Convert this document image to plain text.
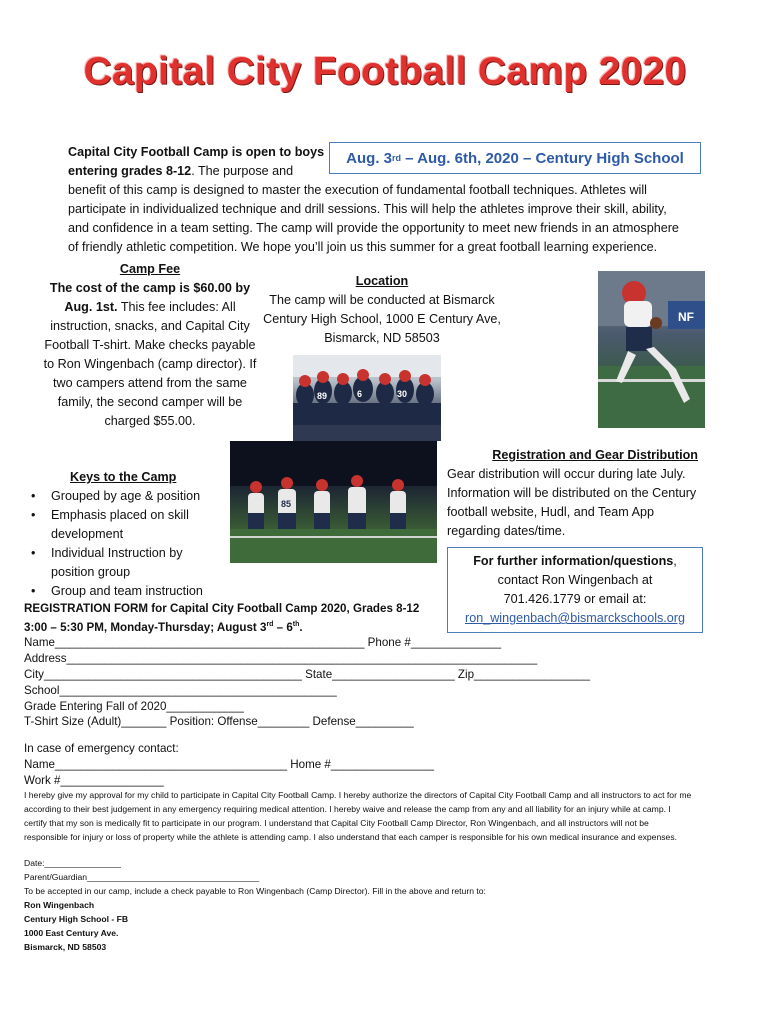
Capital City Football Camp 2020
Capital City Football Camp is open to boys
entering grades 8-12. The purpose and
benefit of this camp is designed to master the execution of fundamental football techniques. Athletes will
participate in individualized technique and drill sessions. This will help the athletes improve their skill, ability,
and confidence in a team setting. The camp will provide the opportunity to meet new friends in an atmosphere
of friendly athletic competition. We hope you’ll join us this summer for a great football learning experience.
Aug. 3 rd – Aug. 6th, 2020 – Century High School
Camp Fee
The cost of the camp is $60.00 by Aug. 1st. This fee includes: All instruction, snacks, and Capital City Football T-shirt. Make checks payable to Ron Wingenbach (camp director). If two campers attend from the same family, the second camper will be charged $55.00.
Location
The camp will be conducted at Bismarck
Century High School, 1000 E Century Ave,
Bismarck, ND 58503
89	6	30
NF
85
Keys to the Camp
• Grouped by age & position
• Emphasis placed on skill development
• Individual Instruction by position group
• Group and team instruction
Registration and Gear Distribution
Gear distribution will occur during late July.
Information will be distributed on the Century
football website, Hudl, and Team App
regarding dates/time.
For further information/questions,
contact Ron Wingenbach at
701.426.1779 or email at:
ron_wingenbach@bismarckschools.org
REGISTRATION FORM for Capital City Football Camp 2020, Grades 8-12
3:00 – 5:30 PM, Monday-Thursday; August 3rd – 6th.
Name________________________________________________ Phone #______________
Address_________________________________________________________________________
City________________________________________ State___________________ Zip__________________
School___________________________________________
Grade Entering Fall of 2020____________
T-Shirt Size (Adult)_______ Position: Offense________ Defense_________
In case of emergency contact:
Name____________________________________ Home #________________
Work #________________
I hereby give my approval for my child to participate in Capital City Football Camp. I hereby authorize the directors of Capital City Football Camp and all instructors to act for me
according to their best judgement in any emergency requiring medical attention. I hereby waive and release the camp from any and all liability for an injury while at camp. I
certify that my son is medically fit to participate in our program. I understand that Capital City Football Camp Director, Ron Wingenbach, and all instructors will not be
responsible for injury or loss of property while the athlete is attending camp. I also understand that each camper is responsible for his own medical insurance and expenses.
Date:________________
Parent/Guardian____________________________________
To be accepted in our camp, include a check payable to Ron Wingenbach (Camp Director). Fill in the above and return to:
Ron Wingenbach
Century High School - FB
1000 East Century Ave.
Bismarck, ND 58503
